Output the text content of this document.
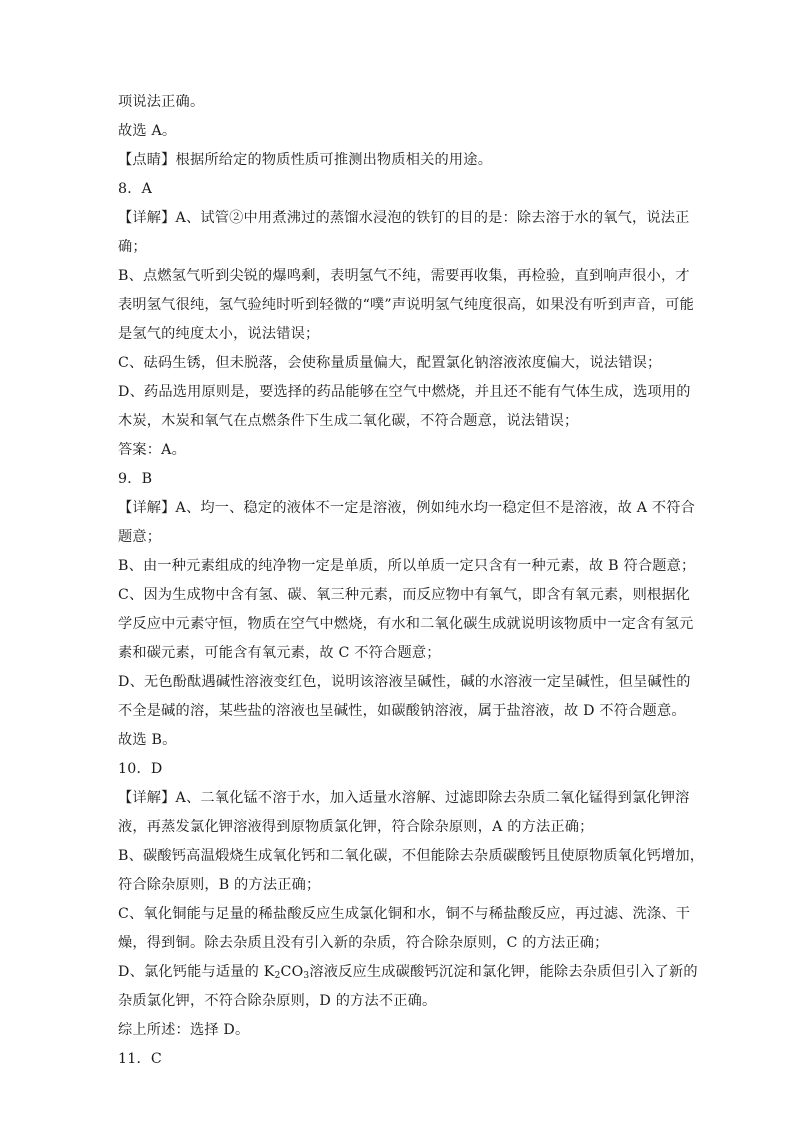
项说法正确。
故选 A。
【点睛】根据所给定的物质性质可推测出物质相关的用途。
8．A
【详解】A、试管②中用煮沸过的蒸馏水浸泡的铁钉的目的是：除去溶于水的氧气，说法正
确；
B、点燃氢气听到尖锐的爆鸣剩，表明氢气不纯，需要再收集，再检验，直到响声很小，才
表明氢气很纯，氢气验纯时听到轻微的“噗”声说明氢气纯度很高，如果没有听到声音，可能
是氢气的纯度太小，说法错误；
C、砝码生锈，但未脱落，会使称量质量偏大，配置氯化钠溶液浓度偏大，说法错误；
D、药品选用原则是，要选择的药品能够在空气中燃烧，并且还不能有气体生成，选项用的
木炭，木炭和氧气在点燃条件下生成二氧化碳，不符合题意，说法错误；
答案：A。
9．B
【详解】A、均一、稳定的液体不一定是溶液，例如纯水均一稳定但不是溶液，故 A 不符合
题意；
B、由一种元素组成的纯净物一定是单质，所以单质一定只含有一种元素，故 B 符合题意；
C、因为生成物中含有氢、碳、氧三种元素，而反应物中有氧气，即含有氧元素，则根据化
学反应中元素守恒，物质在空气中燃烧，有水和二氧化碳生成就说明该物质中一定含有氢元
素和碳元素，可能含有氧元素，故 C 不符合题意；
D、无色酚酞遇碱性溶液变红色，说明该溶液呈碱性，碱的水溶液一定呈碱性，但呈碱性的
不全是碱的溶，某些盐的溶液也呈碱性，如碳酸钠溶液，属于盐溶液，故 D 不符合题意。
故选 B。
10．D
【详解】A、二氧化锰不溶于水，加入适量水溶解、过滤即除去杂质二氧化锰得到氯化钾溶
液，再蒸发氯化钾溶液得到原物质氯化钾，符合除杂原则，A 的方法正确；
B、碳酸钙高温煅烧生成氧化钙和二氧化碳，不但能除去杂质碳酸钙且使原物质氧化钙增加，
符合除杂原则，B 的方法正确；
C、氧化铜能与足量的稀盐酸反应生成氯化铜和水，铜不与稀盐酸反应，再过滤、洗涤、干
燥，得到铜。除去杂质且没有引入新的杂质，符合除杂原则，C 的方法正确；
D、氯化钙能与适量的 $K_2CO_3$溶液反应生成碳酸钙沉淀和氯化钾，能除去杂质但引入了新的
杂质氯化钾，不符合除杂原则，D 的方法不正确。
综上所述：选择 D。
11．C
